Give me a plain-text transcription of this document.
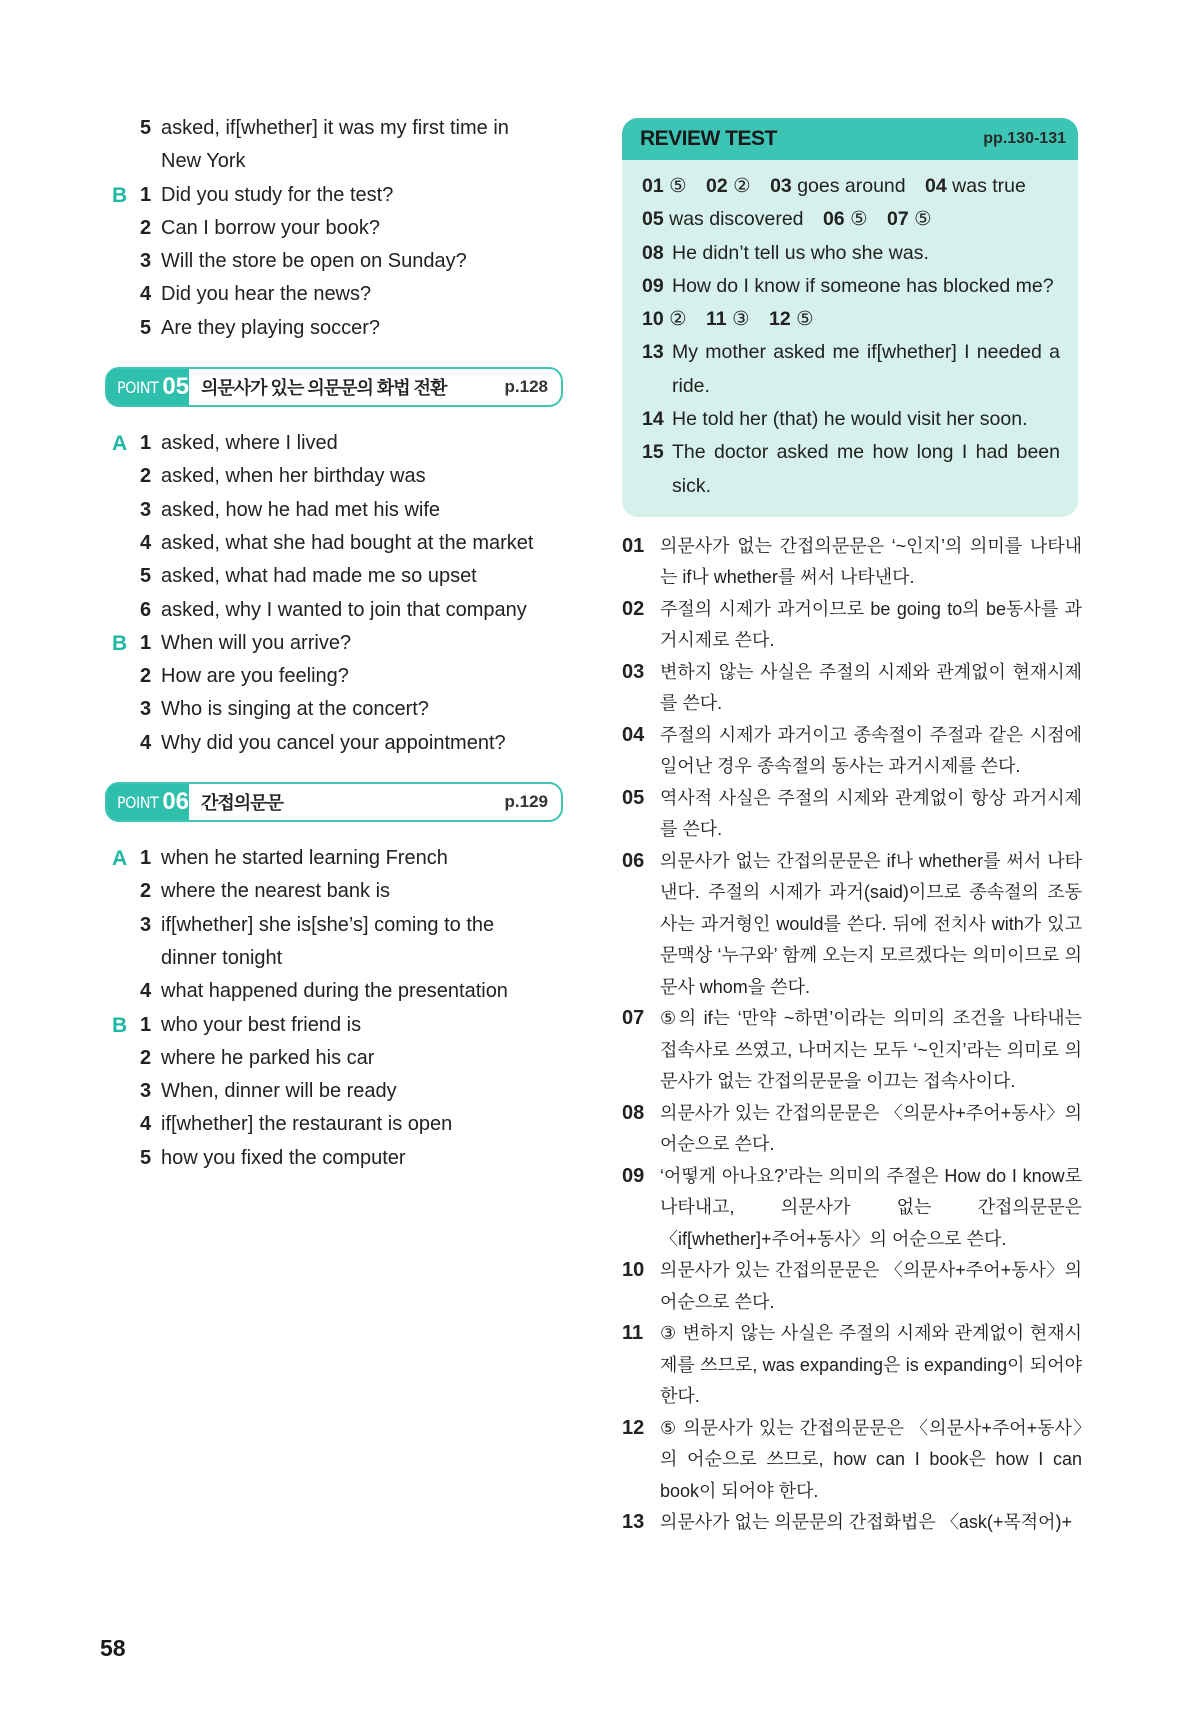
5 asked, if[whether] it was my first time in
New York
B 1 Did you study for the test?
2 Can I borrow your book?
3 Will the store be open on Sunday?
4 Did you hear the news?
5 Are they playing soccer?
POINT 05 의문사가 있는 의문문의 화법 전환	p.128
A 1 asked, where I lived
2 asked, when her birthday was
3 asked, how he had met his wife
4 asked, what she had bought at the market
5 asked, what had made me so upset
6 asked, why I wanted to join that company
B 1 When will you arrive?
2 How are you feeling?
3 Who is singing at the concert?
4 Why did you cancel your appointment?
POINT 06 간접의문문	p.129
A 1 when he started learning French
2 where the nearest bank is
3 if[whether] she is[she’s] coming to the
dinner tonight
4 what happened during the presentation
B 1 who your best friend is
2 where he parked his car
3 When, dinner will be ready
4 if[whether] the restaurant is open
5 how you fixed the computer
REVIEW TEST	pp.130-131
01 ⑤ 02 ② 03 goes around 04 was true
05 was discovered 06 ⑤ 07 ⑤
08 He didn’t tell us who she was.
09 How do I know if someone has blocked me?
10 ② 11 ③ 12 ⑤
13 My mother asked me if[whether] I needed a ride.
14 He told her (that) he would visit her soon.
15 The doctor asked me how long I had been sick.
01 의문사가 없는 간접의문문은 ‘~인지’의 의미를 나타내는 if나 whether를 써서 나타낸다.
02 주절의 시제가 과거이므로 be going to의 be동사를 과거시제로 쓴다.
03 변하지 않는 사실은 주절의 시제와 관계없이 현재시제를 쓴다.
04 주절의 시제가 과거이고 종속절이 주절과 같은 시점에 일어난 경우 종속절의 동사는 과거시제를 쓴다.
05 역사적 사실은 주절의 시제와 관계없이 항상 과거시제를 쓴다.
06 의문사가 없는 간접의문문은 if나 whether를 써서 나타낸다. 주절의 시제가 과거(said)이므로 종속절의 조동사는 과거형인 would를 쓴다. 뒤에 전치사 with가 있고 문맥상 ‘누구와’ 함께 오는지 모르겠다는 의미이므로 의문사 whom을 쓴다.
07 ⑤의 if는 ‘만약 ~하면’이라는 의미의 조건을 나타내는 접속사로 쓰였고, 나머지는 모두 ‘~인지’라는 의미로 의문사가 없는 간접의문문을 이끄는 접속사이다.
08 의문사가 있는 간접의문문은 〈의문사+주어+동사〉의 어순으로 쓴다.
09 ‘어떻게 아나요?’라는 의미의 주절은 How do I know로 나타내고, 의문사가 없는 간접의문문은 〈if[whether]+주어+동사〉의 어순으로 쓴다.
10 의문사가 있는 간접의문문은 〈의문사+주어+동사〉의 어순으로 쓴다.
11 ③ 변하지 않는 사실은 주절의 시제와 관계없이 현재시제를 쓰므로, was expanding은 is expanding이 되어야 한다.
12 ⑤ 의문사가 있는 간접의문문은 〈의문사+주어+동사〉의 어순으로 쓰므로, how can I book은 how I can book이 되어야 한다.
13 의문사가 없는 의문문의 간접화법은 〈ask(+목적어)+
58
